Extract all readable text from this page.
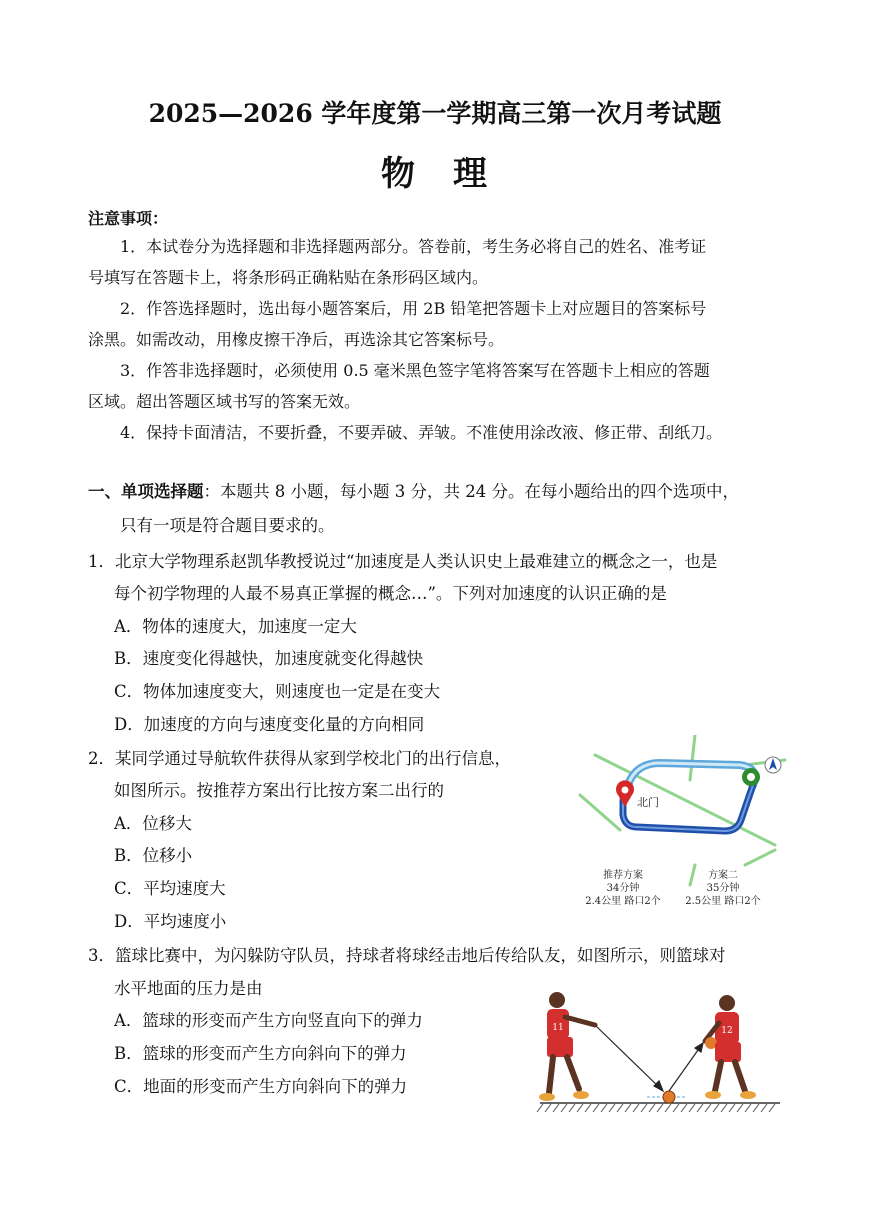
2025—2026 学年度第一学期高三第一次月考试题
物　理
注意事项：
1．本试卷分为选择题和非选择题两部分。答卷前，考生务必将自己的姓名、准考证
号填写在答题卡上，将条形码正确粘贴在条形码区域内。
2．作答选择题时，选出每小题答案后，用 2B 铅笔把答题卡上对应题目的答案标号
涂黑。如需改动，用橡皮擦干净后，再选涂其它答案标号。
3．作答非选择题时，必须使用 0.5 毫米黑色签字笔将答案写在答题卡上相应的答题
区域。超出答题区域书写的答案无效。
4．保持卡面清洁，不要折叠，不要弄破、弄皱。不准使用涂改液、修正带、刮纸刀。
一、单项选择题：本题共 8 小题，每小题 3 分，共 24 分。在每小题给出的四个选项中，
只有一项是符合题目要求的。
1．北京大学物理系赵凯华教授说过“加速度是人类认识史上最难建立的概念之一，也是
每个初学物理的人最不易真正掌握的概念…”。下列对加速度的认识正确的是
A．物体的速度大，加速度一定大
B．速度变化得越快，加速度就变化得越快
C．物体加速度变大，则速度也一定是在变大
D．加速度的方向与速度变化量的方向相同
2．某同学通过导航软件获得从家到学校北门的出行信息，
如图所示。按推荐方案出行比按方案二出行的
A．位移大
B．位移小
C．平均速度大
D．平均速度小
北门
推荐方案
34分钟
2.4公里 路口2个
方案二
35分钟
2.5公里 路口2个
3．篮球比赛中，为闪躲防守队员，持球者将球经击地后传给队友，如图所示，则篮球对
水平地面的压力是由
A．篮球的形变而产生方向竖直向下的弹力
B．篮球的形变而产生方向斜向下的弹力
C．地面的形变而产生方向斜向下的弹力
11	12
